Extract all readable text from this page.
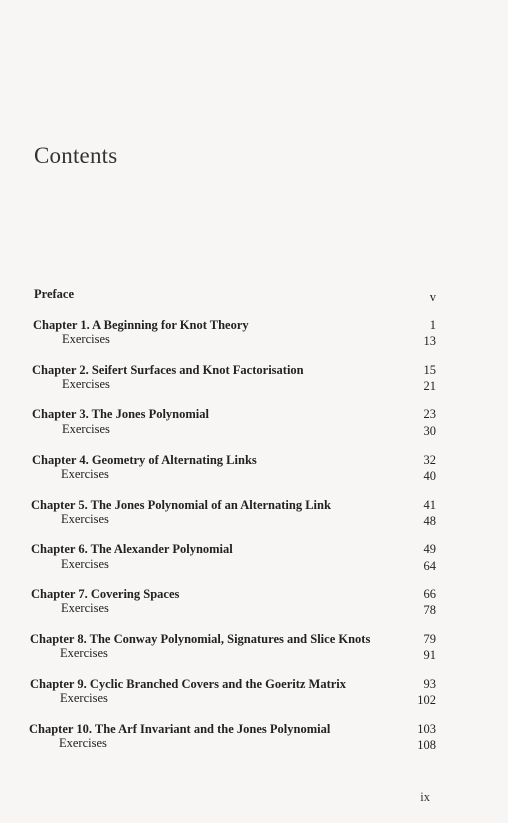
Contents
Preface	v
Chapter 1. A Beginning for Knot Theory	1
Exercises	13
Chapter 2. Seifert Surfaces and Knot Factorisation	15
Exercises	21
Chapter 3. The Jones Polynomial	23
Exercises	30
Chapter 4. Geometry of Alternating Links	32
Exercises	40
Chapter 5. The Jones Polynomial of an Alternating Link	41
Exercises	48
Chapter 6. The Alexander Polynomial	49
Exercises	64
Chapter 7. Covering Spaces	66
Exercises	78
Chapter 8. The Conway Polynomial, Signatures and Slice Knots	79
Exercises	91
Chapter 9. Cyclic Branched Covers and the Goeritz Matrix	93
Exercises	102
Chapter 10. The Arf Invariant and the Jones Polynomial	103
Exercises	108
ix
